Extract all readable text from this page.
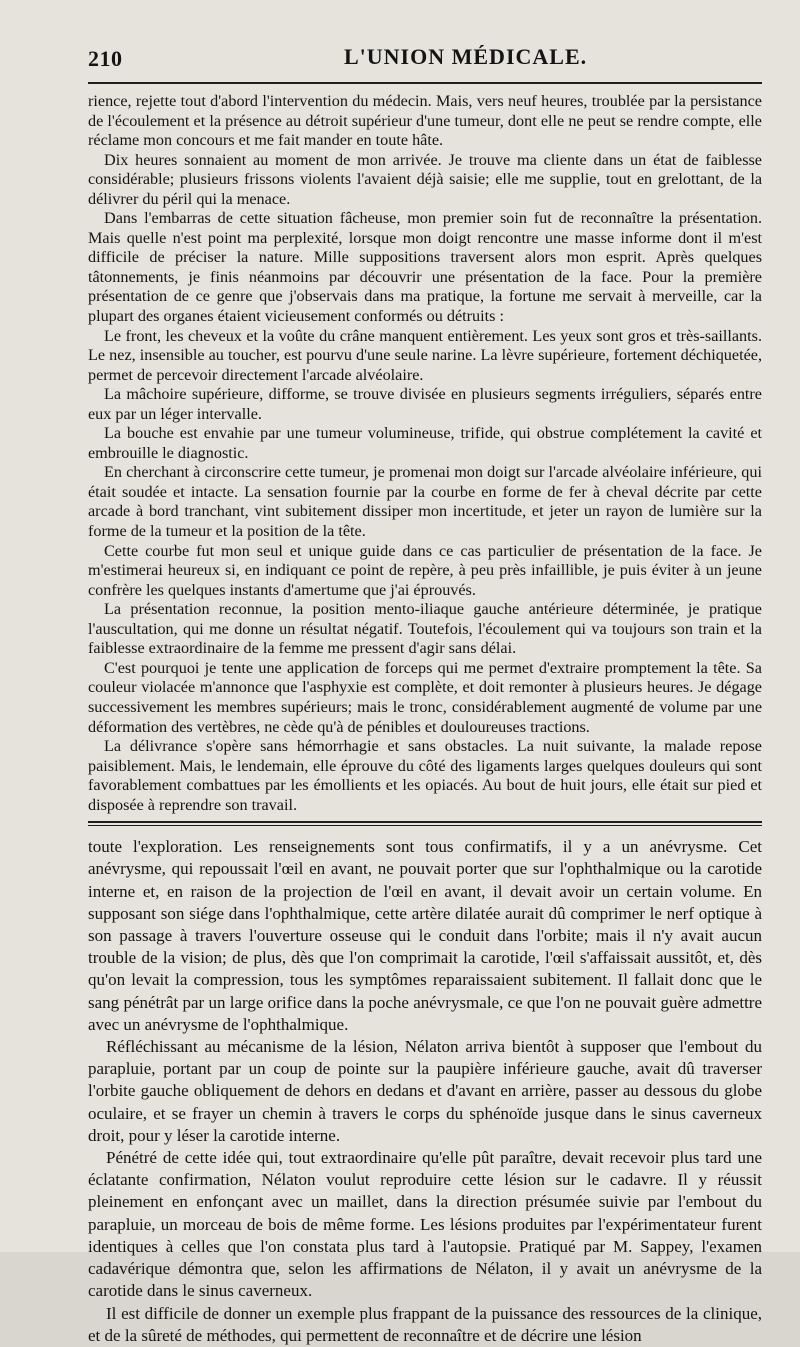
210	L'UNION MÉDICALE.

rience, rejette tout d'abord l'intervention du médecin. Mais, vers neuf heures, troublée par la persistance de l'écoulement et la présence au détroit supérieur d'une tumeur, dont elle ne peut se rendre compte, elle réclame mon concours et me fait mander en toute hâte.

Dix heures sonnaient au moment de mon arrivée. Je trouve ma cliente dans un état de faiblesse considérable; plusieurs frissons violents l'avaient déjà saisie; elle me supplie, tout en grelottant, de la délivrer du péril qui la menace.

Dans l'embarras de cette situation fâcheuse, mon premier soin fut de reconnaître la présentation. Mais quelle n'est point ma perplexité, lorsque mon doigt rencontre une masse informe dont il m'est difficile de préciser la nature. Mille suppositions traversent alors mon esprit. Après quelques tâtonnements, je finis néanmoins par découvrir une présentation de la face. Pour la première présentation de ce genre que j'observais dans ma pratique, la fortune me servait à merveille, car la plupart des organes étaient vicieusement conformés ou détruits :

Le front, les cheveux et la voûte du crâne manquent entièrement. Les yeux sont gros et très-saillants. Le nez, insensible au toucher, est pourvu d'une seule narine. La lèvre supérieure, fortement déchiquetée, permet de percevoir directement l'arcade alvéolaire.

La mâchoire supérieure, difforme, se trouve divisée en plusieurs segments irréguliers, séparés entre eux par un léger intervalle.

La bouche est envahie par une tumeur volumineuse, trifide, qui obstrue complétement la cavité et embrouille le diagnostic.

En cherchant à circonscrire cette tumeur, je promenai mon doigt sur l'arcade alvéolaire inférieure, qui était soudée et intacte. La sensation fournie par la courbe en forme de fer à cheval décrite par cette arcade à bord tranchant, vint subitement dissiper mon incertitude, et jeter un rayon de lumière sur la forme de la tumeur et la position de la tête.

Cette courbe fut mon seul et unique guide dans ce cas particulier de présentation de la face. Je m'estimerai heureux si, en indiquant ce point de repère, à peu près infaillible, je puis éviter à un jeune confrère les quelques instants d'amertume que j'ai éprouvés.

La présentation reconnue, la position mento-iliaque gauche antérieure déterminée, je pratique l'auscultation, qui me donne un résultat négatif. Toutefois, l'écoulement qui va toujours son train et la faiblesse extraordinaire de la femme me pressent d'agir sans délai.

C'est pourquoi je tente une application de forceps qui me permet d'extraire promptement la tête. Sa couleur violacée m'annonce que l'asphyxie est complète, et doit remonter à plusieurs heures. Je dégage successivement les membres supérieurs; mais le tronc, considérablement augmenté de volume par une déformation des vertèbres, ne cède qu'à de pénibles et douloureuses tractions.

La délivrance s'opère sans hémorrhagie et sans obstacles. La nuit suivante, la malade repose paisiblement. Mais, le lendemain, elle éprouve du côté des ligaments larges quelques douleurs qui sont favorablement combattues par les émollients et les opiacés. Au bout de huit jours, elle était sur pied et disposée à reprendre son travail.

toute l'exploration. Les renseignements sont tous confirmatifs, il y a un anévrysme. Cet anévrysme, qui repoussait l'œil en avant, ne pouvait porter que sur l'ophthalmique ou la carotide interne et, en raison de la projection de l'œil en avant, il devait avoir un certain volume. En supposant son siége dans l'ophthalmique, cette artère dilatée aurait dû comprimer le nerf optique à son passage à travers l'ouverture osseuse qui le conduit dans l'orbite; mais il n'y avait aucun trouble de la vision; de plus, dès que l'on comprimait la carotide, l'œil s'affaissait aussitôt, et, dès qu'on levait la compression, tous les symptômes reparaissaient subitement. Il fallait donc que le sang pénétrât par un large orifice dans la poche anévrysmale, ce que l'on ne pouvait guère admettre avec un anévrysme de l'ophthalmique.

Réfléchissant au mécanisme de la lésion, Nélaton arriva bientôt à supposer que l'embout du parapluie, portant par un coup de pointe sur la paupière inférieure gauche, avait dû traverser l'orbite gauche obliquement de dehors en dedans et d'avant en arrière, passer au dessous du globe oculaire, et se frayer un chemin à travers le corps du sphénoïde jusque dans le sinus caverneux droit, pour y léser la carotide interne.

Pénétré de cette idée qui, tout extraordinaire qu'elle pût paraître, devait recevoir plus tard une éclatante confirmation, Nélaton voulut reproduire cette lésion sur le cadavre. Il y réussit pleinement en enfonçant avec un maillet, dans la direction présumée suivie par l'embout du parapluie, un morceau de bois de même forme. Les lésions produites par l'expérimentateur furent identiques à celles que l'on constata plus tard à l'autopsie. Pratiqué par M. Sappey, l'examen cadavérique démontra que, selon les affirmations de Nélaton, il y avait un anévrysme de la carotide dans le sinus caverneux.

Il est difficile de donner un exemple plus frappant de la puissance des ressources de la clinique, et de la sûreté de méthodes, qui permettent de reconnaître et de décrire une lésion
